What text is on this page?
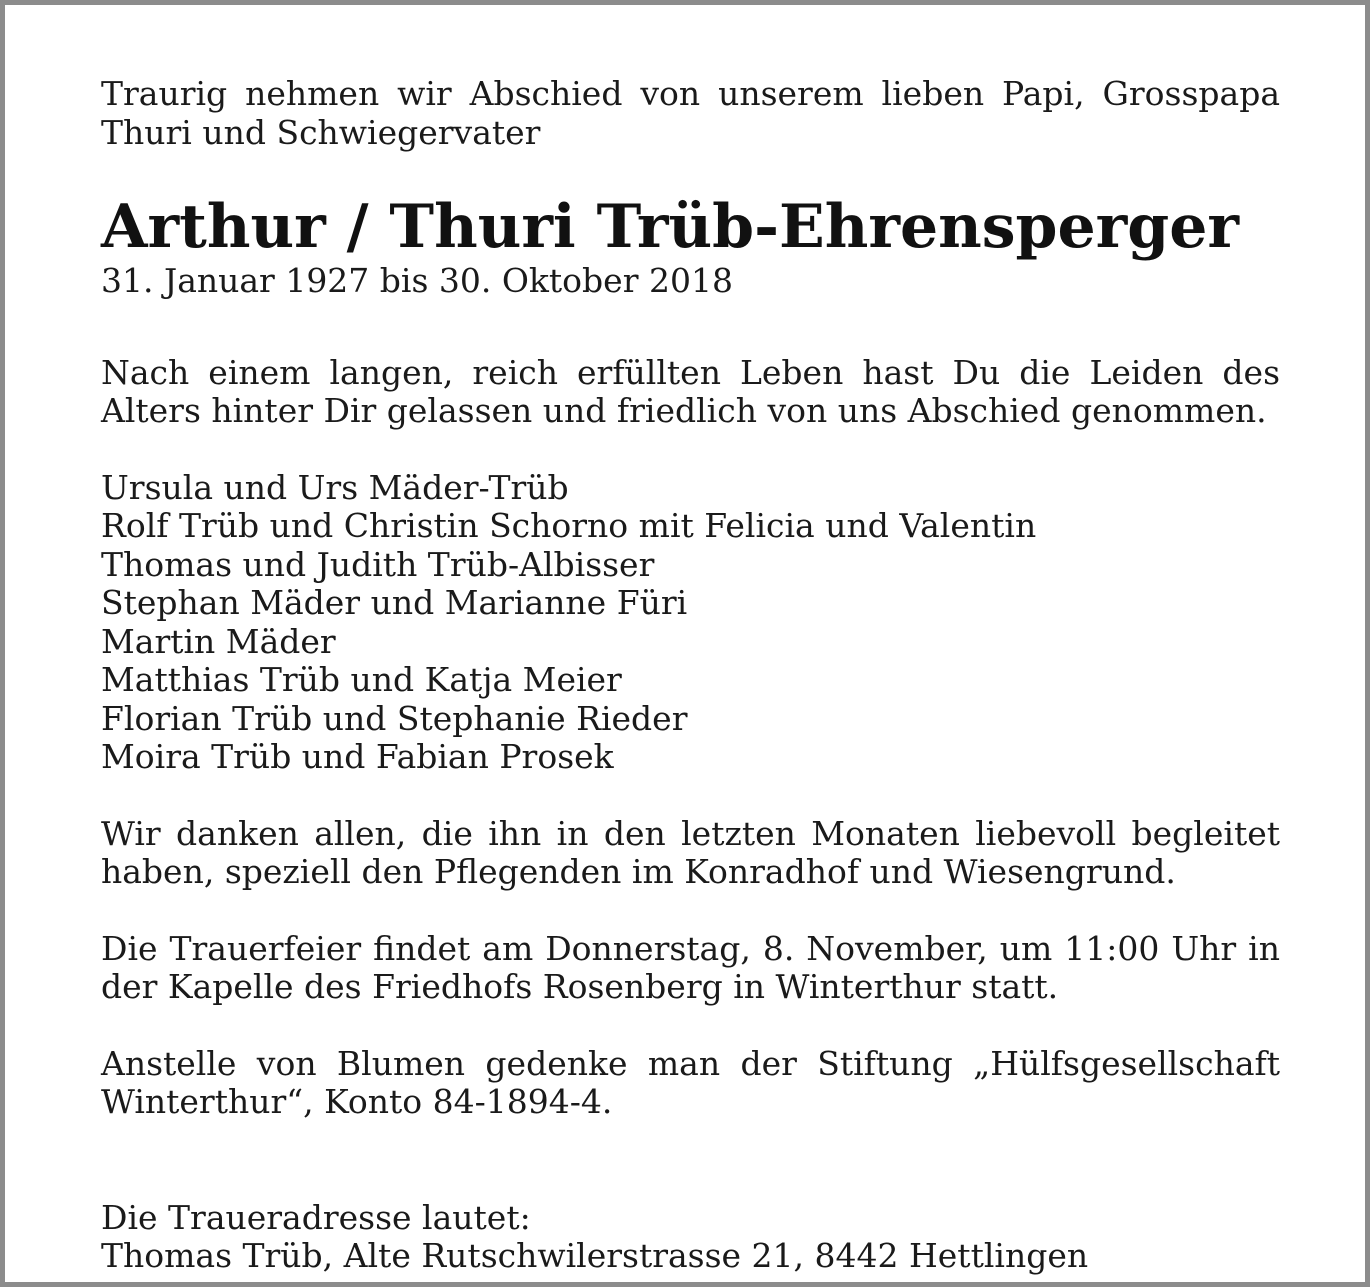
Traurig nehmen wir Abschied von unserem lieben Papi, Grosspapa Thuri und Schwiegervater

Arthur / Thuri Trüb-Ehrensperger

31. Januar 1927 bis 30. Oktober 2018

Nach einem langen, reich erfüllten Leben hast Du die Leiden des Alters hinter Dir gelassen und friedlich von uns Abschied genommen.

Ursula und Urs Mäder-Trüb
Rolf Trüb und Christin Schorno mit Felicia und Valentin
Thomas und Judith Trüb-Albisser
Stephan Mäder und Marianne Füri
Martin Mäder
Matthias Trüb und Katja Meier
Florian Trüb und Stephanie Rieder
Moira Trüb und Fabian Prosek

Wir danken allen, die ihn in den letzten Monaten liebevoll begleitet haben, speziell den Pflegenden im Konradhof und Wiesengrund.

Die Trauerfeier findet am Donnerstag, 8. November, um 11:00 Uhr in der Kapelle des Friedhofs Rosenberg in Winterthur statt.

Anstelle von Blumen gedenke man der Stiftung „Hülfsgesellschaft Winterthur“, Konto 84-1894-4.

Die Traueradresse lautet:

Thomas Trüb, Alte Rutschwilerstrasse 21, 8442 Hettlingen
